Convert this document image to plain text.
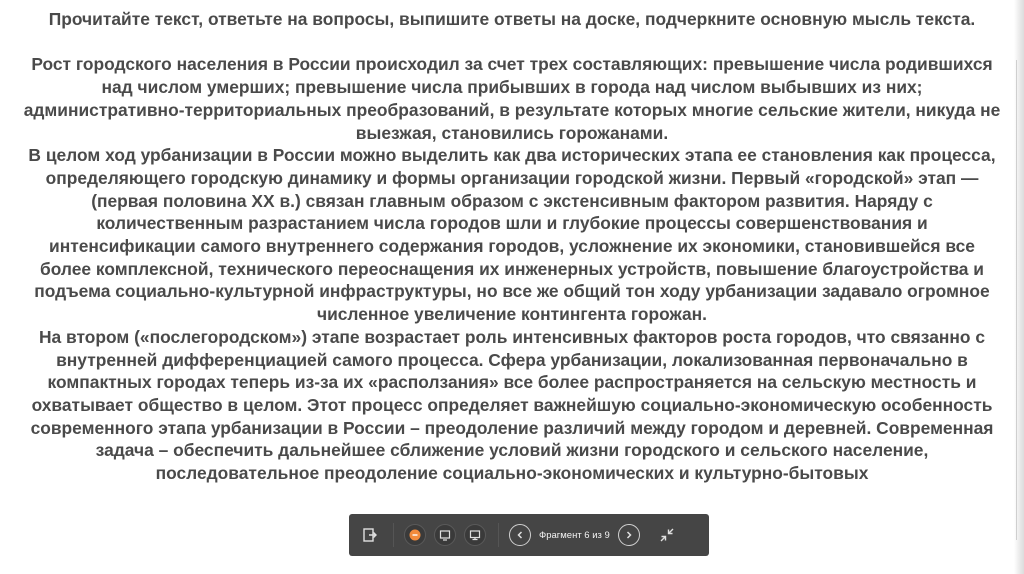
Прочитайте текст, ответьте на вопросы, выпишите ответы на доске, подчеркните основную мысль текста.

Рост городского населения в России происходил за счет трех составляющих: превышение числа родившихся над числом умерших; превышение числа прибывших в города над числом выбывших из них; административно-территориальных преобразований, в результате которых многие сельские жители, никуда не выезжая, становились горожанами.

В целом ход урбанизации в России можно выделить как два исторических этапа ее становления как процесса, определяющего городскую динамику и формы организации городской жизни. Первый «городской» этап — (первая половина XX в.) связан главным образом с экстенсивным фактором развития. Наряду с количественным разрастанием числа городов шли и глубокие процессы совершенствования и интенсификации самого внутреннего содержания городов, усложнение их экономики, становившейся все более комплексной, технического переоснащения их инженерных устройств, повышение благоустройства и подъема социально-культурной инфраструктуры, но все же общий тон ходу урбанизации задавало огромное численное увеличение контингента горожан.

На втором («послегородском») этапе возрастает роль интенсивных факторов роста городов, что связанно с внутренней дифференциацией самого процесса. Сфера урбанизации, локализованная первоначально в компактных городах теперь из-за их «расползания» все более распространяется на сельскую местность и охватывает общество в целом. Этот процесс определяет важнейшую социально-экономическую особенность современного этапа урбанизации в России – преодоление различий между городом и деревней. Современная задача – обеспечить дальнейшее сближение условий жизни городского и сельского население, последовательное преодоление социально-экономических и культурно-бытовых

Фрагмент 6 из 9
